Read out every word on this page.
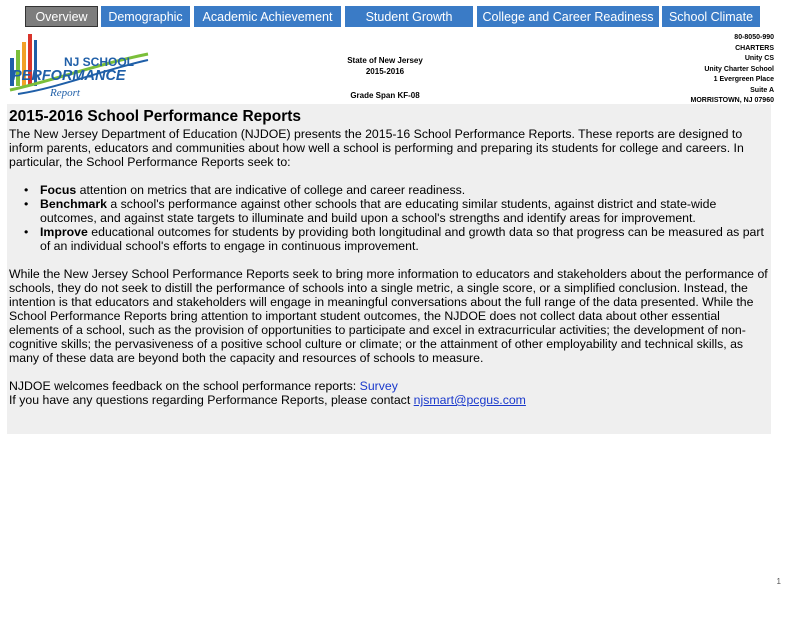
Overview	Demographic	Academic Achievement	Student Growth	College and Career Readiness	School Climate
NJ SCHOOL
PERFORMANCE
Report
State of New Jersey
2015-2016
Grade Span KF-08
80-8050-990
CHARTERS
Unity CS
Unity Charter School
1 Evergreen Place
Suite A
MORRISTOWN, NJ 07960
2015-2016 School Performance Reports

The New Jersey Department of Education (NJDOE) presents the 2015-16 School Performance Reports. These reports are designed to inform parents, educators and communities about how well a school is performing and preparing its students for college and careers. In particular, the School Performance Reports seek to:

• Focus attention on metrics that are indicative of college and career readiness.
• Benchmark a school's performance against other schools that are educating similar students, against district and state-wide outcomes, and against state targets to illuminate and build upon a school's strengths and identify areas for improvement.
• Improve educational outcomes for students by providing both longitudinal and growth data so that progress can be measured as part of an individual school's efforts to engage in continuous improvement.

While the New Jersey School Performance Reports seek to bring more information to educators and stakeholders about the performance of schools, they do not seek to distill the performance of schools into a single metric, a single score, or a simplified conclusion. Instead, the intention is that educators and stakeholders will engage in meaningful conversations about the full range of the data presented. While the School Performance Reports bring attention to important student outcomes, the NJDOE does not collect data about other essential elements of a school, such as the provision of opportunities to participate and excel in extracurricular activities; the development of non-cognitive skills; the pervasiveness of a positive school culture or climate; or the attainment of other employability and technical skills, as many of these data are beyond both the capacity and resources of schools to measure.

NJDOE welcomes feedback on the school performance reports: Survey

If you have any questions regarding Performance Reports, please contact njsmart@pcgus.com

1
